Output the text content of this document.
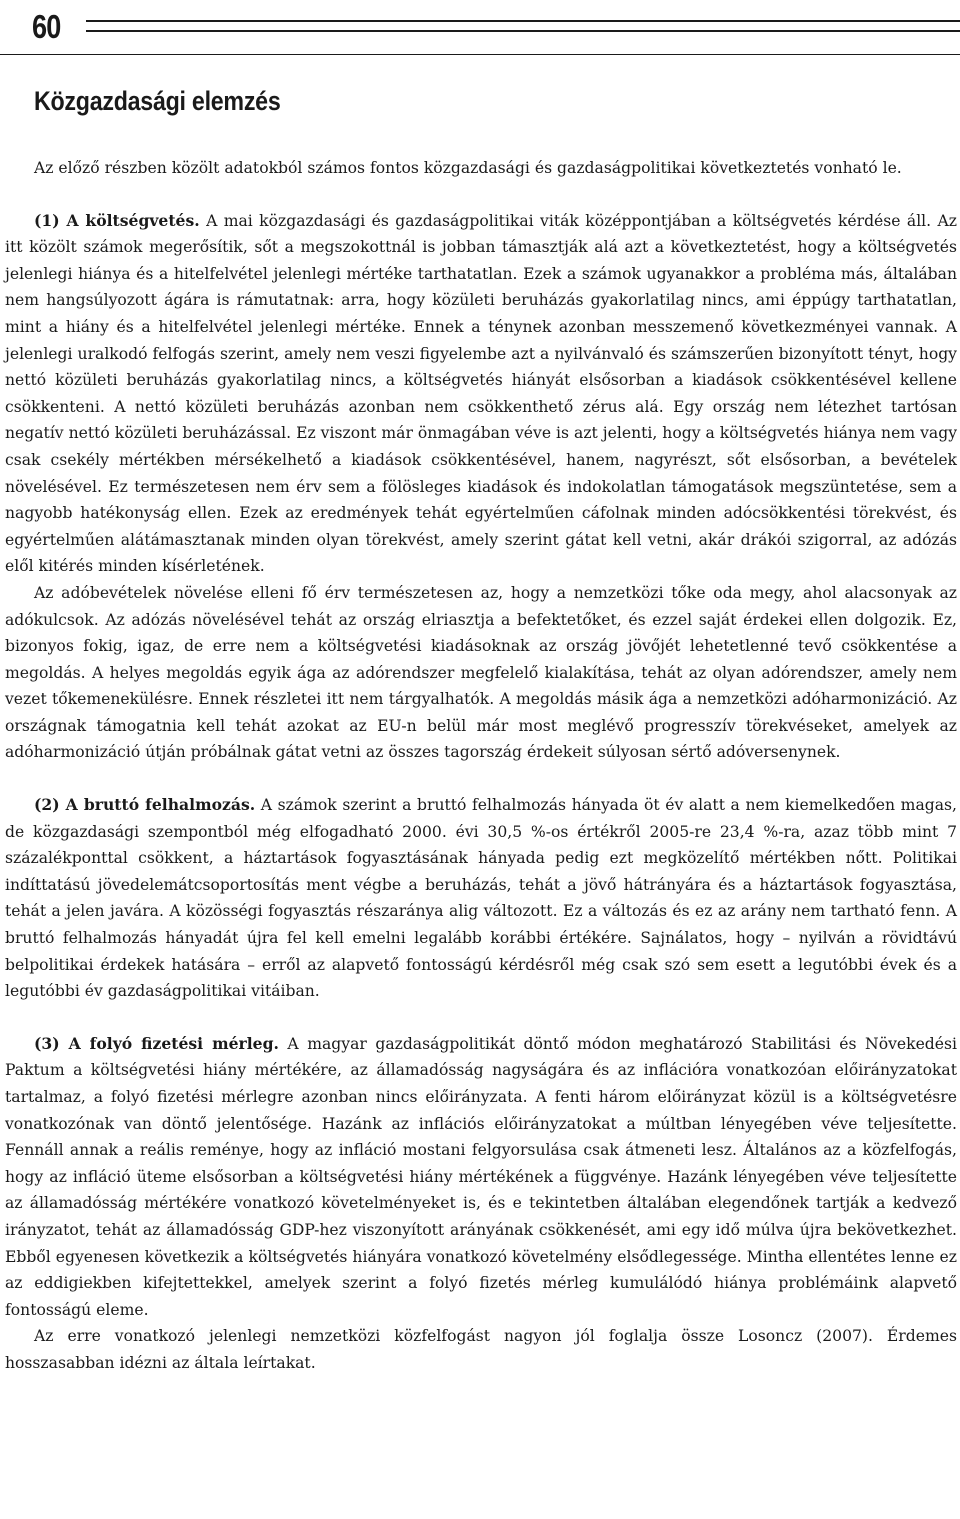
60
Közgazdasági elemzés

Az előző részben közölt adatokból számos fontos közgazdasági és gazdaságpolitikai következtetés vonható le.

(1) A költségvetés. A mai közgazdasági és gazdaságpolitikai viták középpontjában a költségvetés kérdése áll. Az itt közölt számok megerősítik, sőt a megszokottnál is jobban támasztják alá azt a következtetést, hogy a költségvetés jelenlegi hiánya és a hitelfelvétel jelenlegi mértéke tarthatatlan. Ezek a számok ugyanakkor a probléma más, általában nem hangsúlyozott ágára is rámutatnak: arra, hogy közületi beruházás gyakorlatilag nincs, ami éppúgy tarthatatlan, mint a hiány és a hitelfelvétel jelenlegi mértéke. Ennek a ténynek azonban messzemenő következményei vannak. A jelenlegi uralkodó felfogás szerint, amely nem veszi figyelembe azt a nyilvánvaló és számszerűen bizonyított tényt, hogy nettó közületi beruházás gyakorlatilag nincs, a költségvetés hiányát elsősorban a kiadások csökkentésével kellene csökkenteni. A nettó közületi beruházás azonban nem csökkenthető zérus alá. Egy ország nem létezhet tartósan negatív nettó közületi beruházással. Ez viszont már önmagában véve is azt jelenti, hogy a költségvetés hiánya nem vagy csak csekély mértékben mérsékelhető a kiadások csökkentésével, hanem, nagyrészt, sőt elsősorban, a bevételek növelésével. Ez természetesen nem érv sem a fölösleges kiadások és indokolatlan támogatások megszüntetése, sem a nagyobb hatékonyság ellen. Ezek az eredmények tehát egyértelműen cáfolnak minden adócsökkentési törekvést, és egyértelműen alátámasztanak minden olyan törekvést, amely szerint gátat kell vetni, akár drákói szigorral, az adózás elől kitérés minden kísérletének.

Az adóbevételek növelése elleni fő érv természetesen az, hogy a nemzetközi tőke oda megy, ahol alacsonyak az adókulcsok. Az adózás növelésével tehát az ország elriasztja a befektetőket, és ezzel saját érdekei ellen dolgozik. Ez, bizonyos fokig, igaz, de erre nem a költségvetési kiadásoknak az ország jövőjét lehetetlenné tevő csökkentése a megoldás. A helyes megoldás egyik ága az adórendszer megfelelő kialakítása, tehát az olyan adórendszer, amely nem vezet tőkemenekülésre. Ennek részletei itt nem tárgyalhatók. A megoldás másik ága a nemzetközi adóharmonizáció. Az országnak támogatnia kell tehát azokat az EU-n belül már most meglévő progresszív törekvéseket, amelyek az adóharmonizáció útján próbálnak gátat vetni az összes tagország érdekeit súlyosan sértő adóversenynek.

(2) A bruttó felhalmozás. A számok szerint a bruttó felhalmozás hányada öt év alatt a nem kiemelkedően magas, de közgazdasági szempontból még elfogadható 2000. évi 30,5 %-os értékről 2005-re 23,4 %-ra, azaz több mint 7 százalékponttal csökkent, a háztartások fogyasztásának hányada pedig ezt megközelítő mértékben nőtt. Politikai indíttatású jövedelemátcsoportosítás ment végbe a beruházás, tehát a jövő hátrányára és a háztartások fogyasztása, tehát a jelen javára. A közösségi fogyasztás részaránya alig változott. Ez a változás és ez az arány nem tartható fenn. A bruttó felhalmozás hányadát újra fel kell emelni legalább korábbi értékére. Sajnálatos, hogy – nyilván a rövidtávú belpolitikai érdekek hatására – erről az alapvető fontosságú kérdésről még csak szó sem esett a legutóbbi évek és a legutóbbi év gazdaságpolitikai vitáiban.

(3) A folyó fizetési mérleg. A magyar gazdaságpolitikát döntő módon meghatározó Stabilitási és Növekedési Paktum a költségvetési hiány mértékére, az államadósság nagyságára és az inflációra vonatkozóan előirányzatokat tartalmaz, a folyó fizetési mérlegre azonban nincs előirányzata. A fenti három előirányzat közül is a költségvetésre vonatkozónak van döntő jelentősége. Hazánk az inflációs előirányzatokat a múltban lényegében véve teljesítette. Fennáll annak a reális reménye, hogy az infláció mostani felgyorsulása csak átmeneti lesz. Általános az a közfelfogás, hogy az infláció üteme elsősorban a költségvetési hiány mértékének a függvénye. Hazánk lényegében véve teljesítette az államadósság mértékére vonatkozó követelményeket is, és e tekintetben általában elegendőnek tartják a kedvező irányzatot, tehát az államadósság GDP-hez viszonyított arányának csökkenését, ami egy idő múlva újra bekövetkezhet. Ebből egyenesen következik a költségvetés hiányára vonatkozó követelmény elsődlegessége. Mintha ellentétes lenne ez az eddigiekben kifejtettekkel, amelyek szerint a folyó fizetés mérleg kumulálódó hiánya problémáink alapvető fontosságú eleme.

Az erre vonatkozó jelenlegi nemzetközi közfelfogást nagyon jól foglalja össze Losoncz (2007). Érdemes hosszasabban idézni az általa leírtakat.
